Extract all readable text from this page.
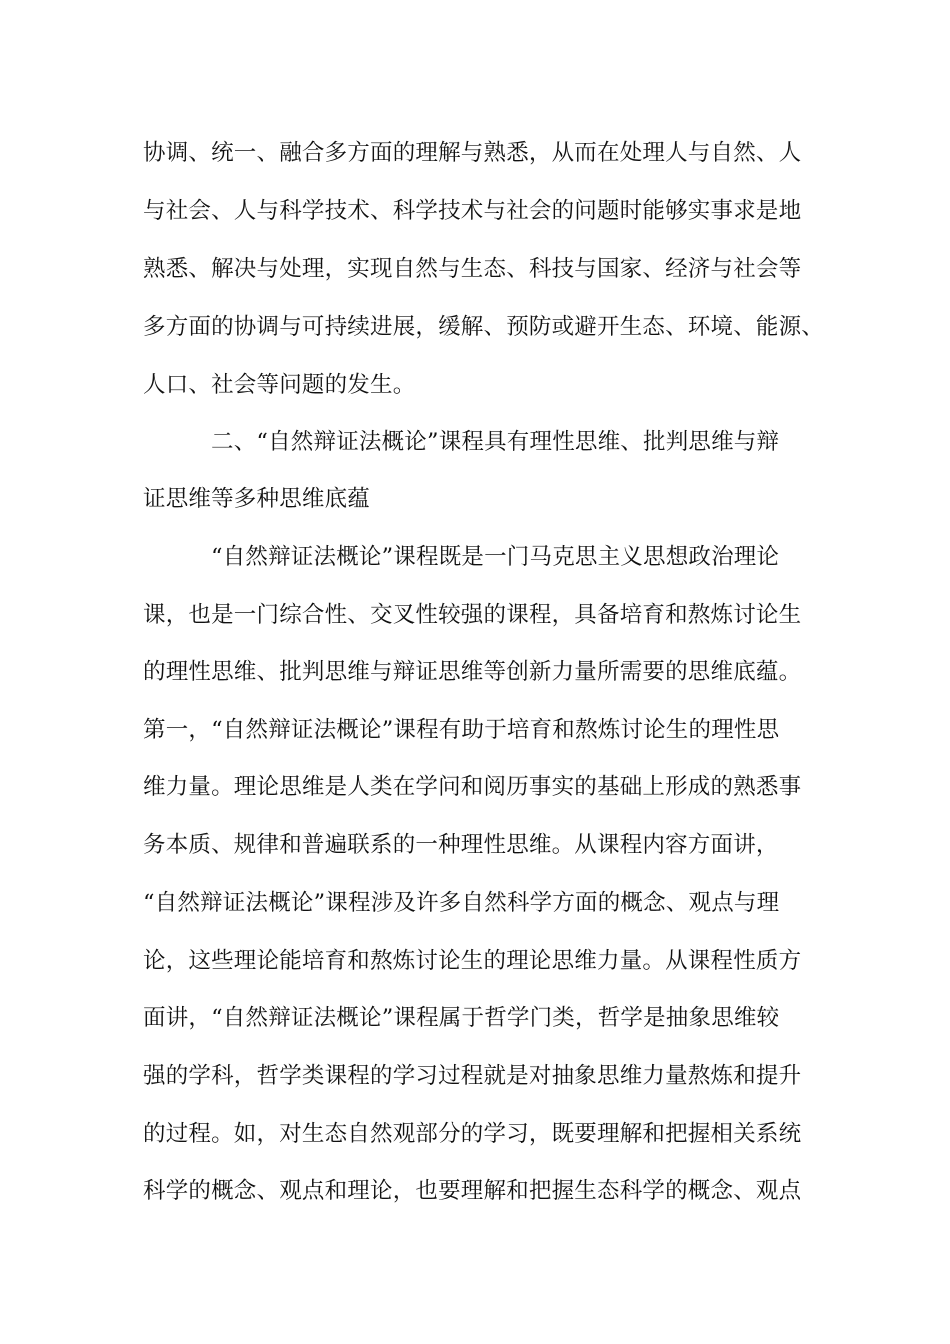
协调、统一、融合多方面的理解与熟悉，从而在处理人与自然、人
与社会、人与科学技术、科学技术与社会的问题时能够实事求是地
熟悉、解决与处理，实现自然与生态、科技与国家、经济与社会等
多方面的协调与可持续进展，缓解、预防或避开生态、环境、能源、
人口、社会等问题的发生。
二、“自然辩证法概论”课程具有理性思维、批判思维与辩
证思维等多种思维底蕴
“自然辩证法概论”课程既是一门马克思主义思想政治理论
课，也是一门综合性、交叉性较强的课程，具备培育和熬炼讨论生
的理性思维、批判思维与辩证思维等创新力量所需要的思维底蕴。
第一，“自然辩证法概论”课程有助于培育和熬炼讨论生的理性思
维力量。理论思维是人类在学问和阅历事实的基础上形成的熟悉事
务本质、规律和普遍联系的一种理性思维。从课程内容方面讲，
“自然辩证法概论”课程涉及许多自然科学方面的概念、观点与理
论，这些理论能培育和熬炼讨论生的理论思维力量。从课程性质方
面讲，“自然辩证法概论”课程属于哲学门类，哲学是抽象思维较
强的学科，哲学类课程的学习过程就是对抽象思维力量熬炼和提升
的过程。如，对生态自然观部分的学习，既要理解和把握相关系统
科学的概念、观点和理论，也要理解和把握生态科学的概念、观点
